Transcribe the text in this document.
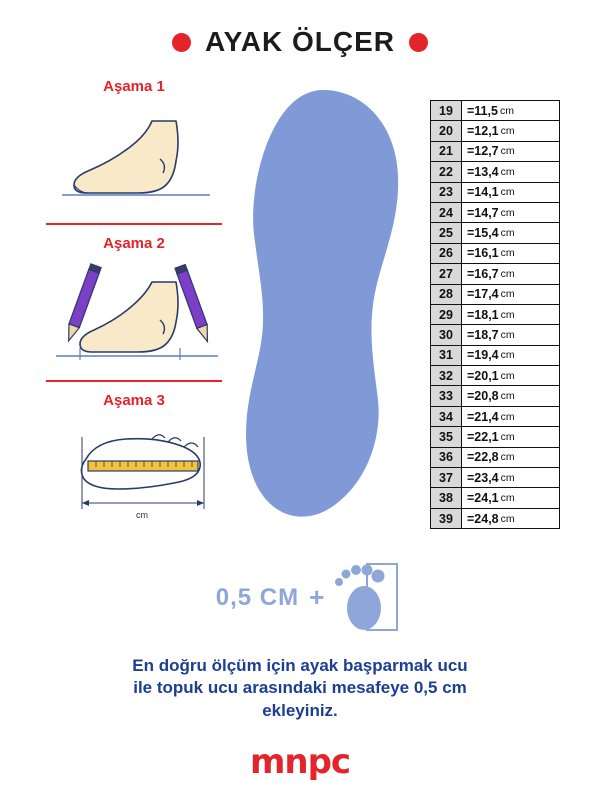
AYAK ÖLÇER
Aşama 1
Aşama 2
Aşama 3
cm
19	=11,5 cm
20	=12,1 cm
21	=12,7 cm
22	=13,4 cm
23	=14,1 cm
24	=14,7 cm
25	=15,4 cm
26	=16,1 cm
27	=16,7 cm
28	=17,4 cm
29	=18,1 cm
30	=18,7 cm
31	=19,4 cm
32	=20,1 cm
33	=20,8 cm
34	=21,4 cm
35	=22,1 cm
36	=22,8 cm
37	=23,4 cm
38	=24,1 cm
39	=24,8 cm
0,5 CM +
En doğru ölçüm için ayak başparmak ucu
ile topuk ucu arasındaki mesafeye 0,5 cm
ekleyiniz.
mnpc
